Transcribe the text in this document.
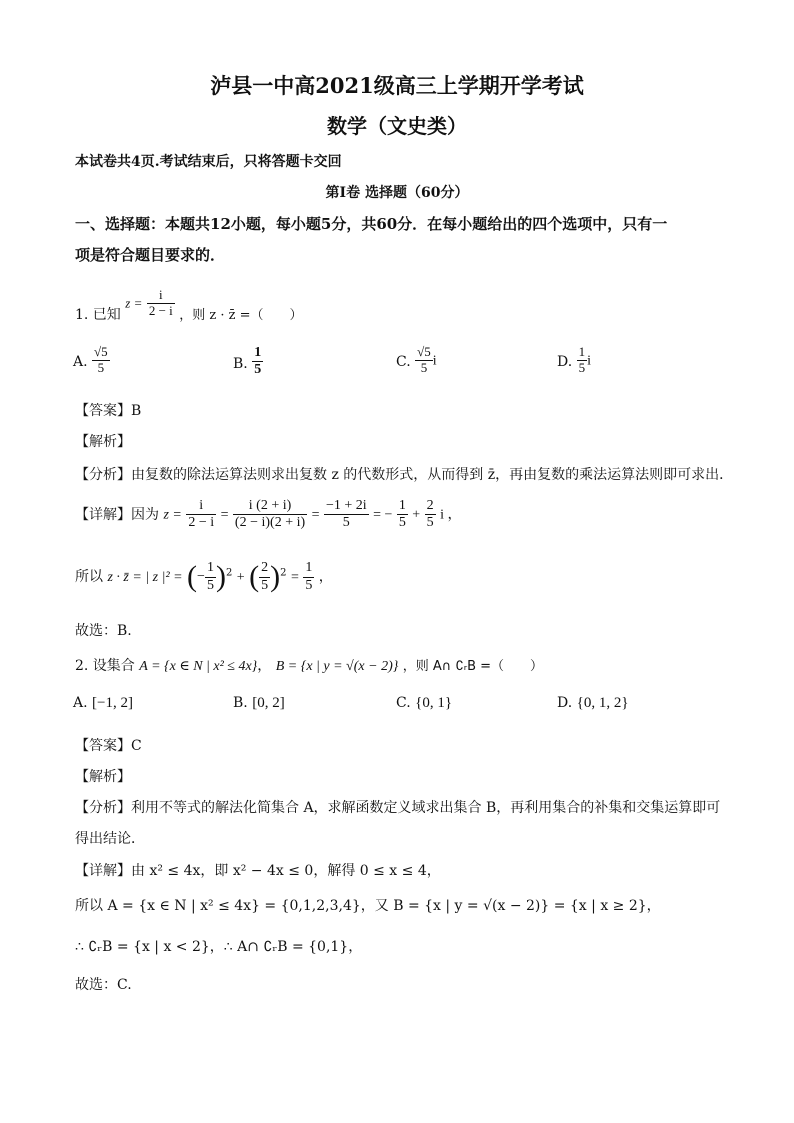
泸县一中高2021级高三上学期开学考试
数学（文史类）
本试卷共4页.考试结束后，只将答题卡交回
第I卷 选择题（60分）
一、选择题：本题共12小题，每小题5分，共60分．在每小题给出的四个选项中，只有一
项是符合题目要求的．
1. 已知 $z = \frac{i}{2 - i}$ ，则 z · z̄ =（　　）
A. $\frac{√5}{5}$	B. $\frac{1}{5}$	C. $\frac{√5}{5}$ i	D. $\frac{1}{5}$ i
【答案】B
【解析】
【分析】由复数的除法运算法则求出复数 z 的代数形式，从而得到 z̄，再由复数的乘法运算法则即可求出．
【详解】因为 $z = \frac{i}{2 - i} = \frac{i (2 + i)}{(2 - i)(2 + i)} = \frac{-1 + 2i}{5}$ = − $\frac{1}{5} + \frac{2}{5}$ i ，
所以 z · z̄ = | z |² = (− $\frac{1}{5} )^2$ + ( $\frac{2}{5} )^2 = \frac{1}{5}$ ，
故选：B.
2. 设集合 A = {x ∈ N | x² ≤ 4x}， B = {x | y = √(x − 2)} ，则 A∩ ∁ᵣB =（　　）
A. [−1, 2]	B. [0, 2]	C. {0, 1}	D. {0, 1, 2}
【答案】C
【解析】
【分析】利用不等式的解法化简集合 A，求解函数定义域求出集合 B，再利用集合的补集和交集运算即可
得出结论．
【详解】由 x² ≤ 4x，即 x² − 4x ≤ 0，解得 0 ≤ x ≤ 4，
所以 A = {x ∈ N | x² ≤ 4x} = {0,1,2,3,4}，又 B = {x | y = √(x − 2)} = {x | x ≥ 2}，
∴ ∁ᵣB = {x | x < 2}，∴ A∩ ∁ᵣB = {0,1}，
故选：C.
